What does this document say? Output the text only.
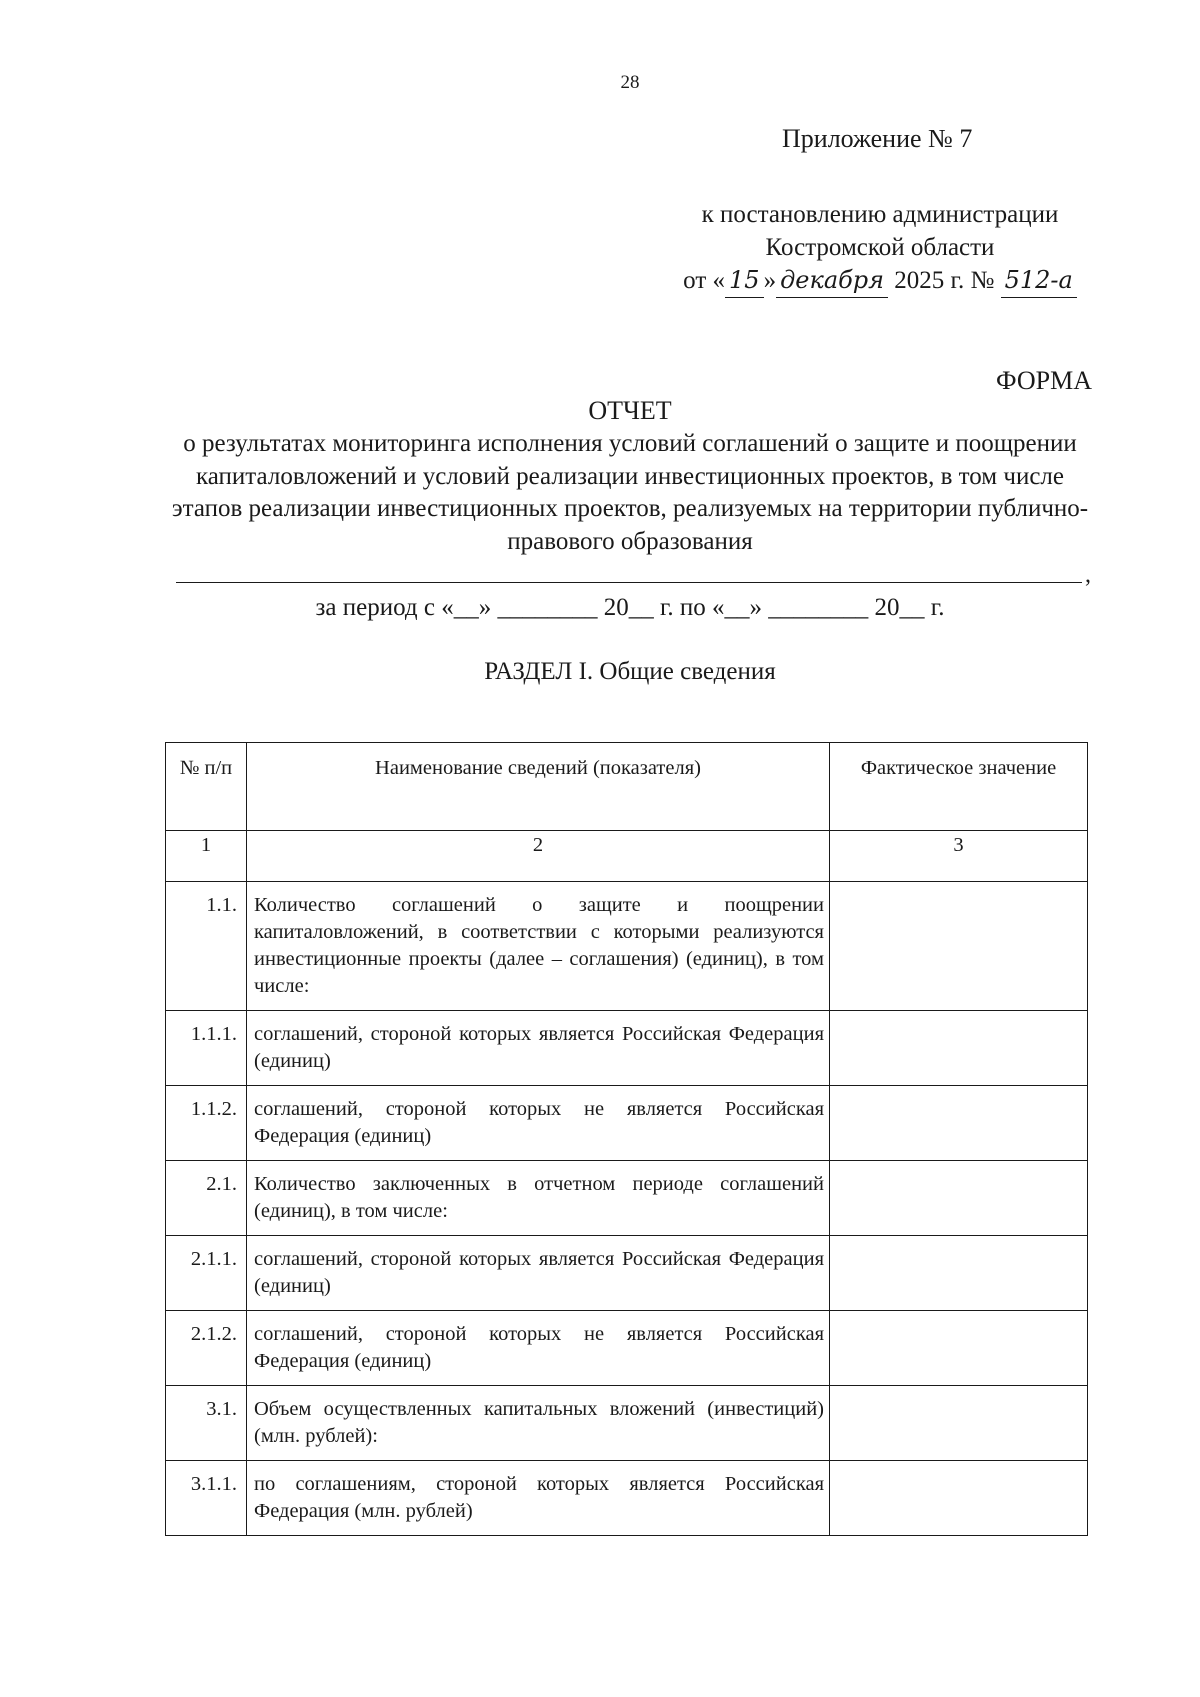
28
Приложение № 7
к постановлению администрации
Костромской области
от « 15 » декабря 2025 г. № 512-а
ФОРМА
ОТЧЕТ
о результатах мониторинга исполнения условий соглашений о защите и поощрении капиталовложений и условий реализации инвестиционных проектов, в том числе этапов реализации инвестиционных проектов, реализуемых на территории публично-правового образования
,
за период с «__» ________ 20__ г. по «__» ________ 20__ г.
РАЗДЕЛ I. Общие сведения
№ п/п	Наименование сведений (показателя)	Фактическое значение
1	2	3
1.1.	Количество соглашений о защите и поощрении капиталовложений, в соответствии с которыми реализуются инвестиционные проекты (далее – соглашения) (единиц), в том числе:	
1.1.1.	соглашений, стороной которых является Российская Федерация (единиц)	
1.1.2.	соглашений, стороной которых не является Российская Федерация (единиц)	
2.1.	Количество заключенных в отчетном периоде соглашений (единиц), в том числе:	
2.1.1.	соглашений, стороной которых является Российская Федерация (единиц)	
2.1.2.	соглашений, стороной которых не является Российская Федерация (единиц)	
3.1.	Объем осуществленных капитальных вложений (инвестиций) (млн. рублей):	
3.1.1.	по соглашениям, стороной которых является Российская Федерация (млн. рублей)	
